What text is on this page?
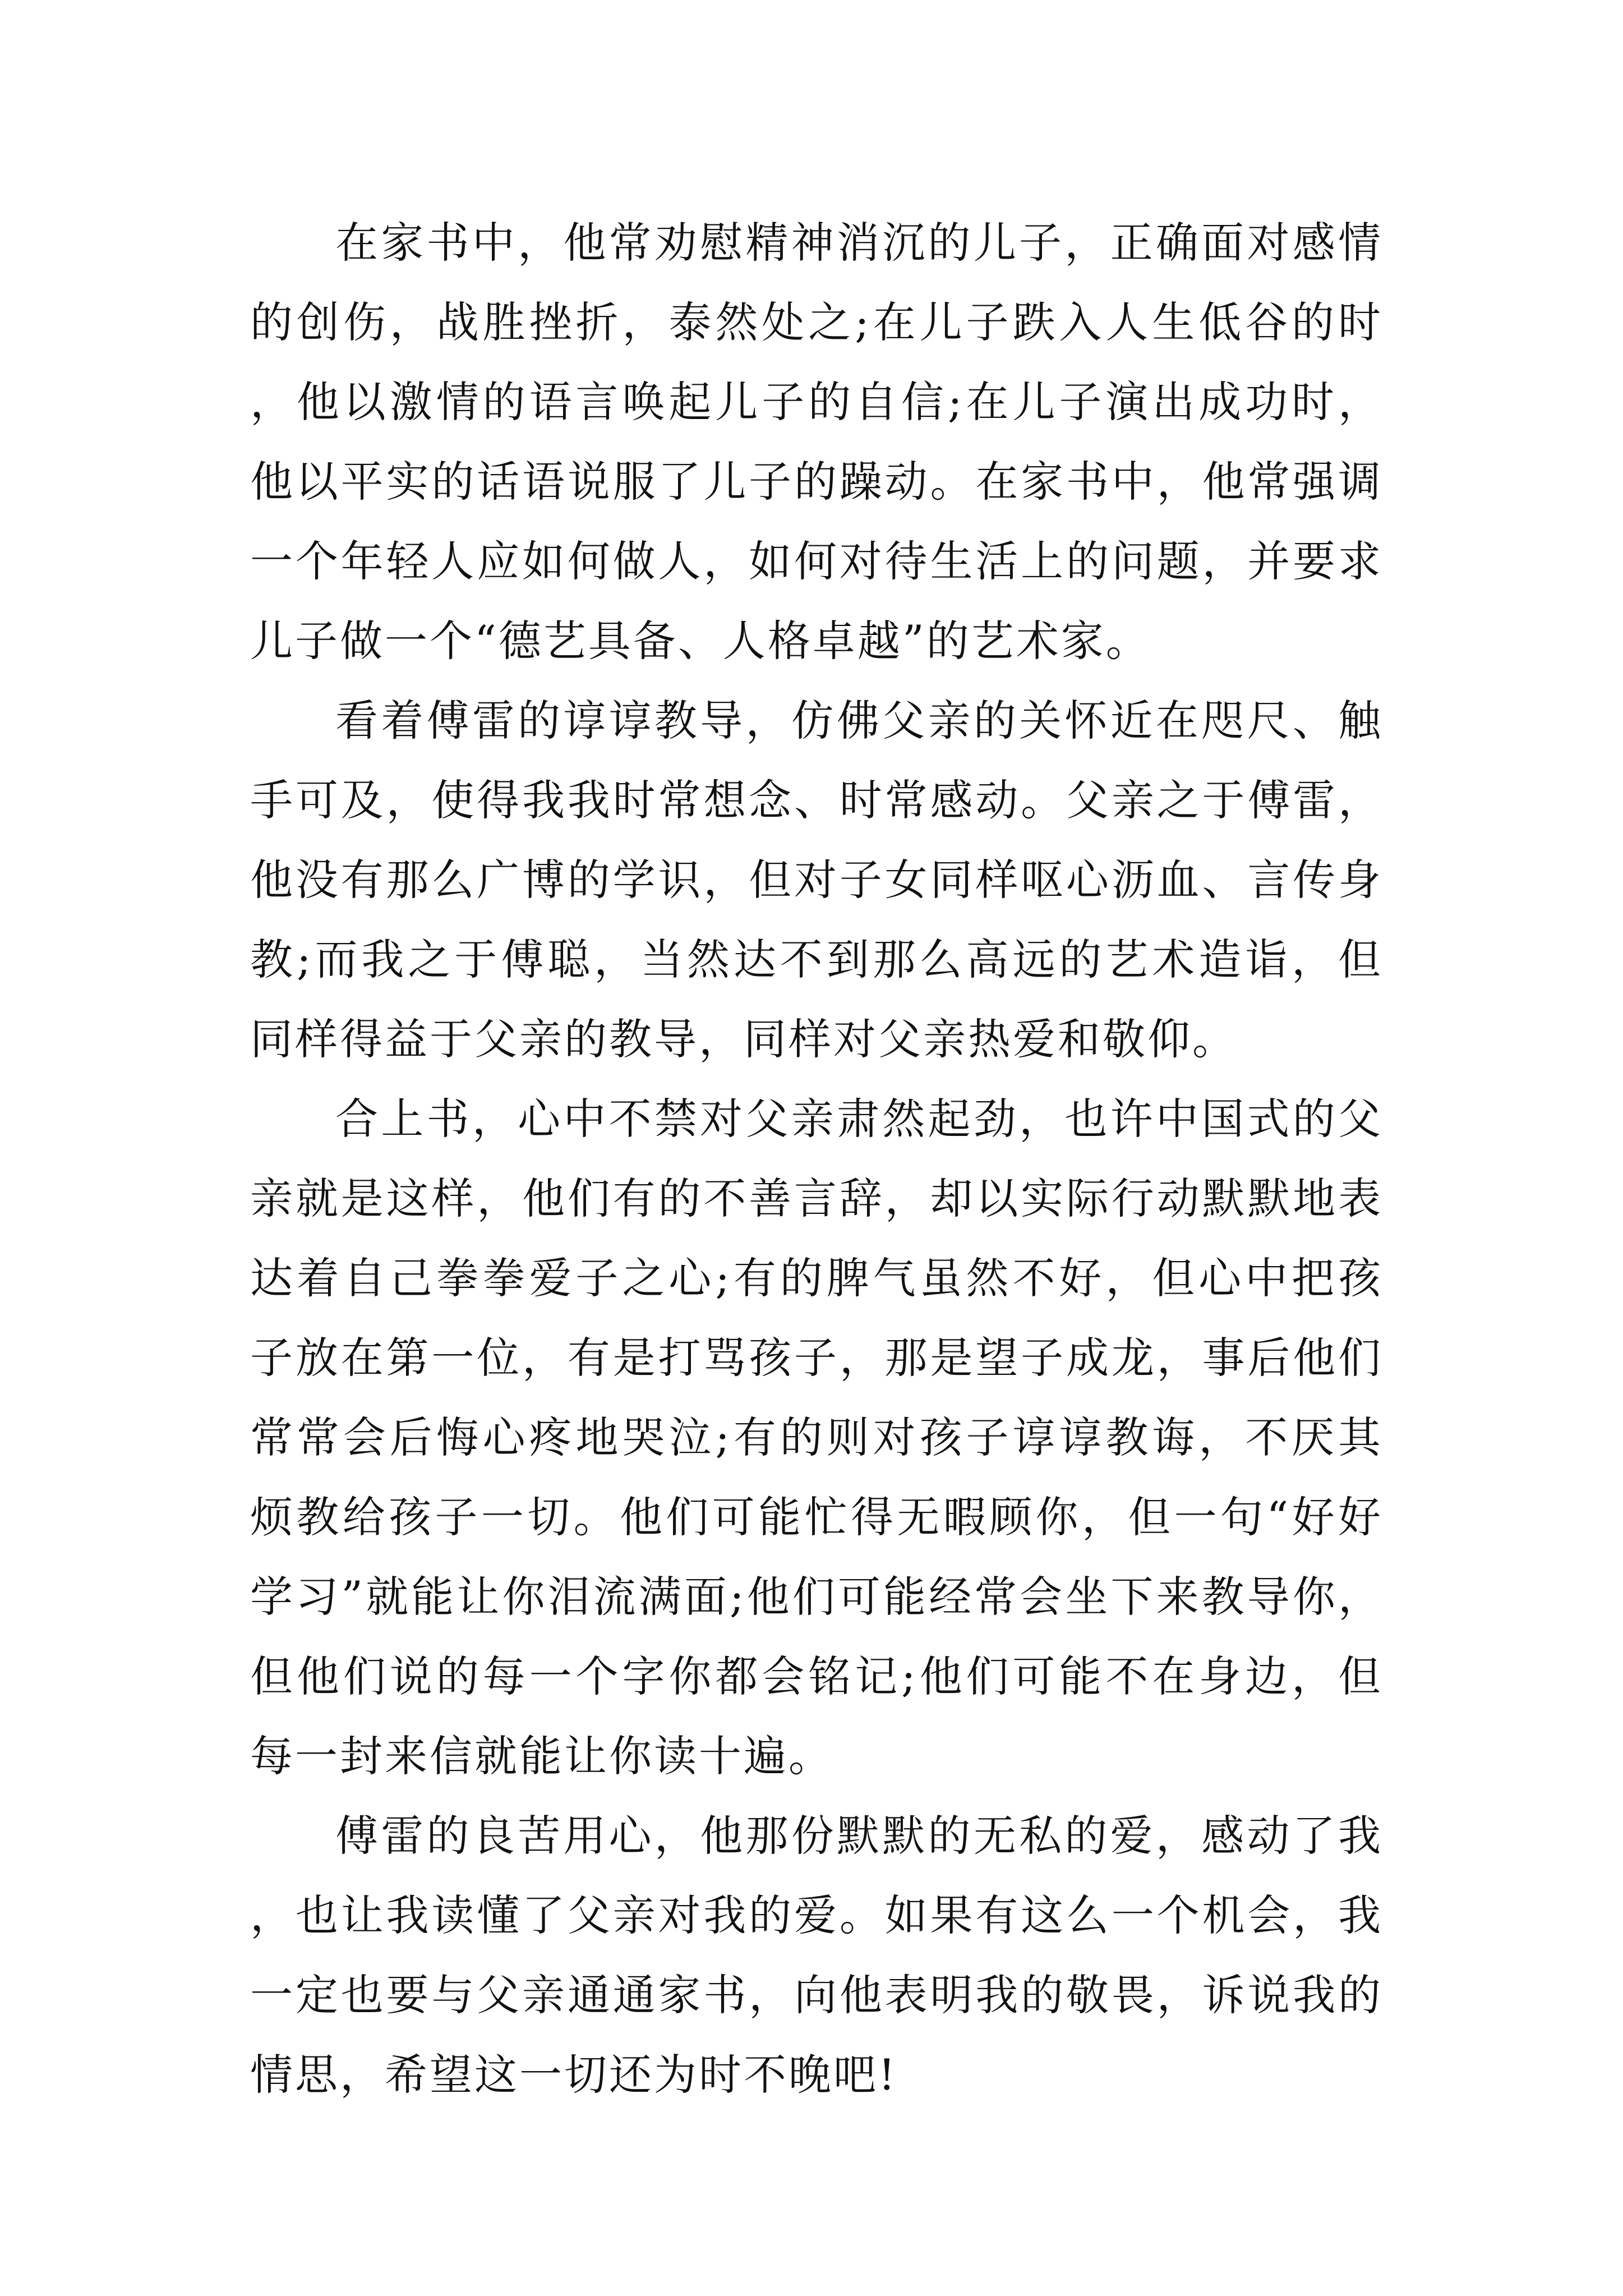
在家书中，他常劝慰精神消沉的儿子，正确面对感情的创伤，战胜挫折，泰然处之;在儿子跌入人生低谷的时，他以激情的语言唤起儿子的自信;在儿子演出成功时，他以平实的话语说服了儿子的躁动。在家书中，他常强调一个年轻人应如何做人，如何对待生活上的问题，并要求儿子做一个“德艺具备、人格卓越”的艺术家。

看着傅雷的谆谆教导，仿佛父亲的关怀近在咫尺、触手可及，使得我我时常想念、时常感动。父亲之于傅雷，他没有那么广博的学识，但对子女同样呕心沥血、言传身教;而我之于傅聪，当然达不到那么高远的艺术造诣，但同样得益于父亲的教导，同样对父亲热爱和敬仰。

合上书，心中不禁对父亲肃然起劲，也许中国式的父亲就是这样，他们有的不善言辞，却以实际行动默默地表达着自己拳拳爱子之心;有的脾气虽然不好，但心中把孩子放在第一位，有是打骂孩子，那是望子成龙，事后他们常常会后悔心疼地哭泣;有的则对孩子谆谆教诲，不厌其烦教给孩子一切。他们可能忙得无暇顾你，但一句“好好学习”就能让你泪流满面;他们可能经常会坐下来教导你，但他们说的每一个字你都会铭记;他们可能不在身边，但每一封来信就能让你读十遍。

傅雷的良苦用心，他那份默默的无私的爱，感动了我，也让我读懂了父亲对我的爱。如果有这么一个机会，我一定也要与父亲通通家书，向他表明我的敬畏，诉说我的情思，希望这一切还为时不晚吧!
